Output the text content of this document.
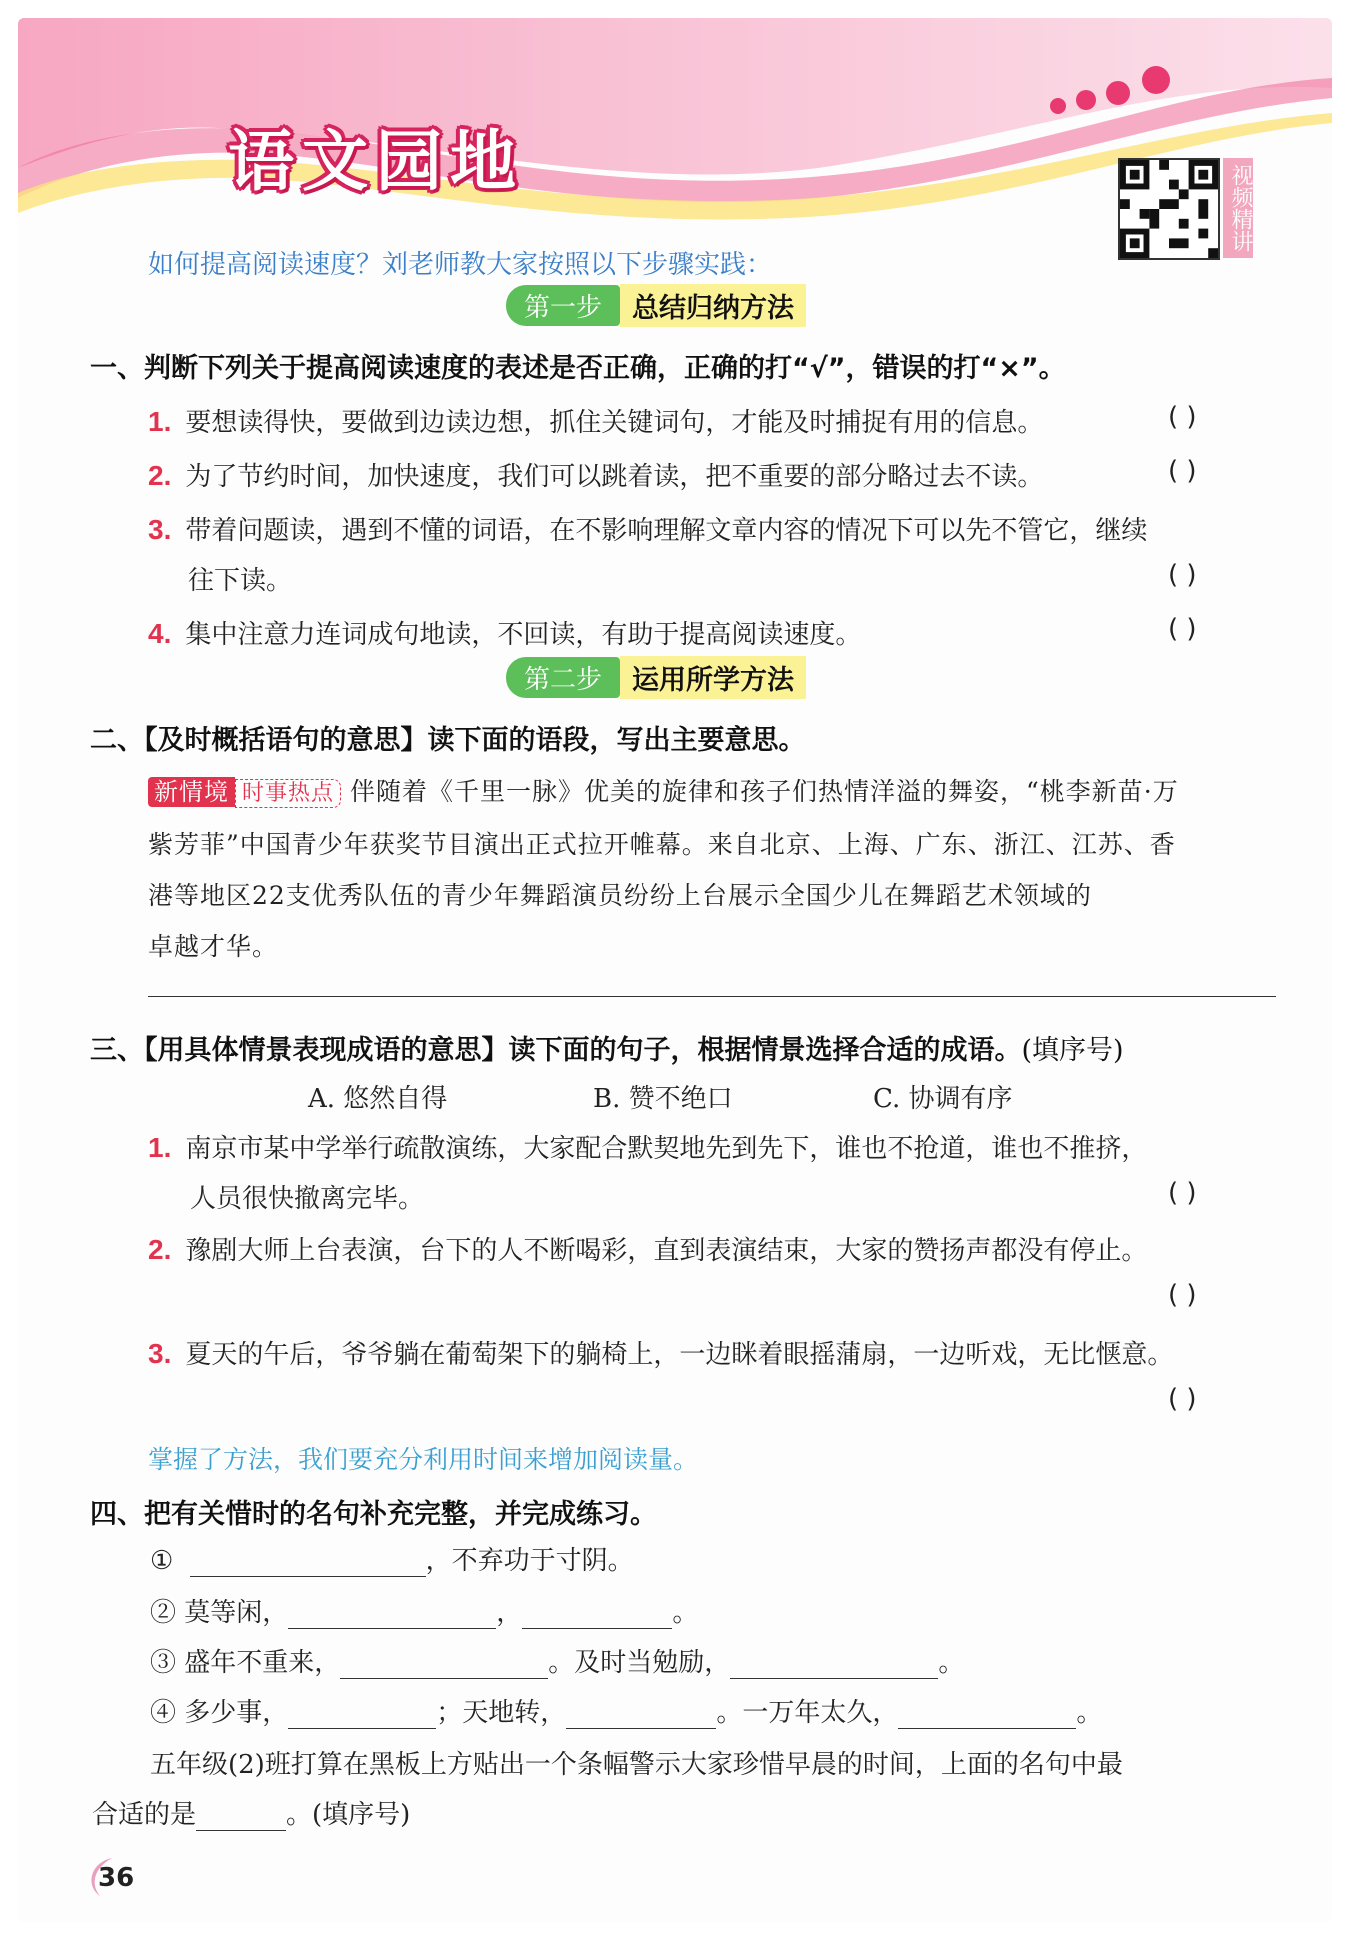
语文园地
视频精讲
如何提高阅读速度？刘老师教大家按照以下步骤实践：
第一步	总结归纳方法
一、判断下列关于提高阅读速度的表述是否正确，正确的打“√”，错误的打“×”。
1. 要想读得快，要做到边读边想，抓住关键词句，才能及时捕捉有用的信息。	( )
2. 为了节约时间，加快速度，我们可以跳着读，把不重要的部分略过去不读。	( )
3. 带着问题读，遇到不懂的词语，在不影响理解文章内容的情况下可以先不管它，继续
往下读。	( )
4. 集中注意力连词成句地读，不回读，有助于提高阅读速度。	( )
第二步	运用所学方法
二、【及时概括语句的意思】读下面的语段，写出主要意思。
新情境 时事热点 伴随着《千里一脉》优美的旋律和孩子们热情洋溢的舞姿，“桃李新苗·万
紫芳菲”中国青少年获奖节目演出正式拉开帷幕。来自北京、上海、广东、浙江、江苏、香
港等地区22支优秀队伍的青少年舞蹈演员纷纷上台展示全国少儿在舞蹈艺术领域的
卓越才华。
三、【用具体情景表现成语的意思】读下面的句子，根据情景选择合适的成语。(填序号)
A. 悠然自得	B. 赞不绝口	C. 协调有序
1. 南京市某中学举行疏散演练，大家配合默契地先到先下，谁也不抢道，谁也不推挤，
人员很快撤离完毕。	( )
2. 豫剧大师上台表演，台下的人不断喝彩，直到表演结束，大家的赞扬声都没有停止。
( )
3. 夏天的午后，爷爷躺在葡萄架下的躺椅上，一边眯着眼摇蒲扇，一边听戏，无比惬意。
( )
掌握了方法，我们要充分利用时间来增加阅读量。
四、把有关惜时的名句补充完整，并完成练习。
①	，不弃功于寸阴。
② 莫等闲，	，	。
③ 盛年不重来，	。及时当勉励，	。
④ 多少事，	；天地转，	。一万年太久，	。
五年级(2)班打算在黑板上方贴出一个条幅警示大家珍惜早晨的时间，上面的名句中最
合适的是	。(填序号)
36
